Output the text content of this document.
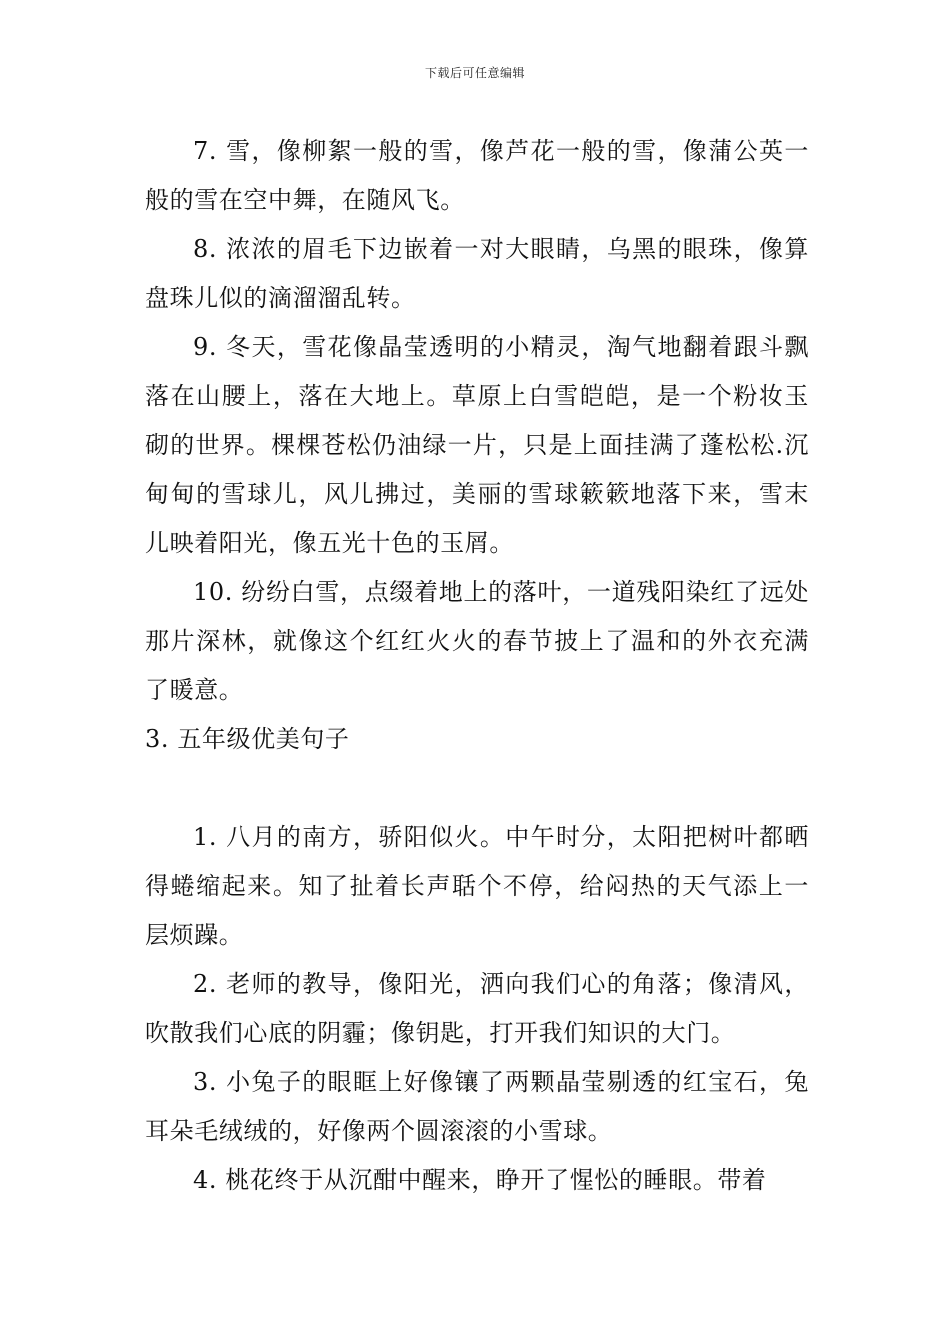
下载后可任意编辑

7. 雪，像柳絮一般的雪，像芦花一般的雪，像蒲公英一般的雪在空中舞，在随风飞。

8. 浓浓的眉毛下边嵌着一对大眼睛，乌黑的眼珠，像算盘珠儿似的滴溜溜乱转。

9. 冬天，雪花像晶莹透明的小精灵，淘气地翻着跟斗飘落在山腰上，落在大地上。草原上白雪皑皑，是一个粉妆玉砌的世界。棵棵苍松仍油绿一片，只是上面挂满了蓬松松.沉甸甸的雪球儿，风儿拂过，美丽的雪球簌簌地落下来，雪末儿映着阳光，像五光十色的玉屑。

10. 纷纷白雪，点缀着地上的落叶，一道残阳染红了远处那片深林，就像这个红红火火的春节披上了温和的外衣充满了暖意。

3. 五年级优美句子

1. 八月的南方，骄阳似火。中午时分，太阳把树叶都晒得蜷缩起来。知了扯着长声聒个不停，给闷热的天气添上一层烦躁。

2. 老师的教导，像阳光，洒向我们心的角落；像清风，吹散我们心底的阴霾；像钥匙，打开我们知识的大门。

3. 小兔子的眼眶上好像镶了两颗晶莹剔透的红宝石，兔耳朵毛绒绒的，好像两个圆滚滚的小雪球。

4. 桃花终于从沉酣中醒来，睁开了惺忪的睡眼。带着
